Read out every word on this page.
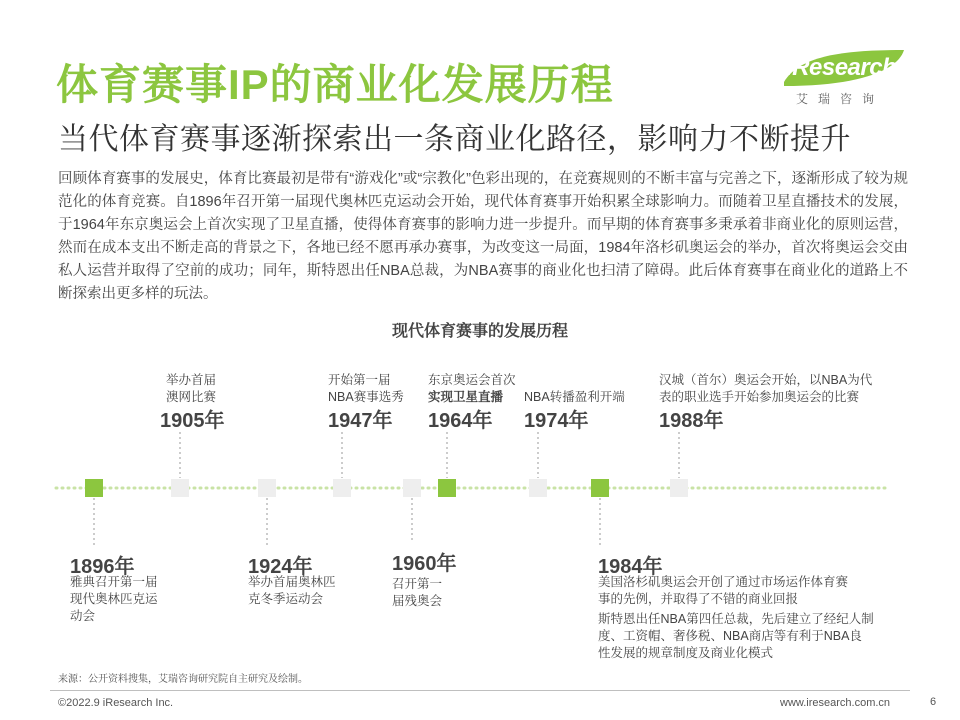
体育赛事IP的商业化发展历程
当代体育赛事逐渐探索出一条商业化路径，影响力不断提升
iResearch
艾瑞咨询
回顾体育赛事的发展史，体育比赛最初是带有“游戏化”或“宗教化”色彩出现的，在竞赛规则的不断丰富与完善之下，逐渐形成了较为规范化的体育竞赛。自1896年召开第一届现代奥林匹克运动会开始，现代体育赛事开始积累全球影响力。而随着卫星直播技术的发展，于1964年东京奥运会上首次实现了卫星直播，使得体育赛事的影响力进一步提升。而早期的体育赛事多秉承着非商业化的原则运营，然而在成本支出不断走高的背景之下，各地已经不愿再承办赛事，为改变这一局面，1984年洛杉矶奥运会的举办，首次将奥运会交由私人运营并取得了空前的成功；同年，斯特恩出任NBA总裁，为NBA赛事的商业化也扫清了障碍。此后体育赛事在商业化的道路上不断探索出更多样的玩法。
现代体育赛事的发展历程
举办首届
澳网比赛
1905年
开始第一届
NBA赛事选秀
1947年
东京奥运会首次
实现卫星直播
1964年
NBA转播盈利开端
1974年
汉城（首尔）奥运会开始，以NBA为代
表的职业选手开始参加奥运会的比赛
1988年
1896年
雅典召开第一届
现代奥林匹克运
动会
1924年
举办首届奥林匹
克冬季运动会
1960年
召开第一
届残奥会
1984年
美国洛杉矶奥运会开创了通过市场运作体育赛
事的先例，并取得了不错的商业回报
斯特恩出任NBA第四任总裁，先后建立了经纪人制
度、工资帽、奢侈税、NBA商店等有利于NBA良
性发展的规章制度及商业化模式
来源：公开资料搜集，艾瑞咨询研究院自主研究及绘制。
©2022.9 iResearch Inc.	www.iresearch.com.cn	6
